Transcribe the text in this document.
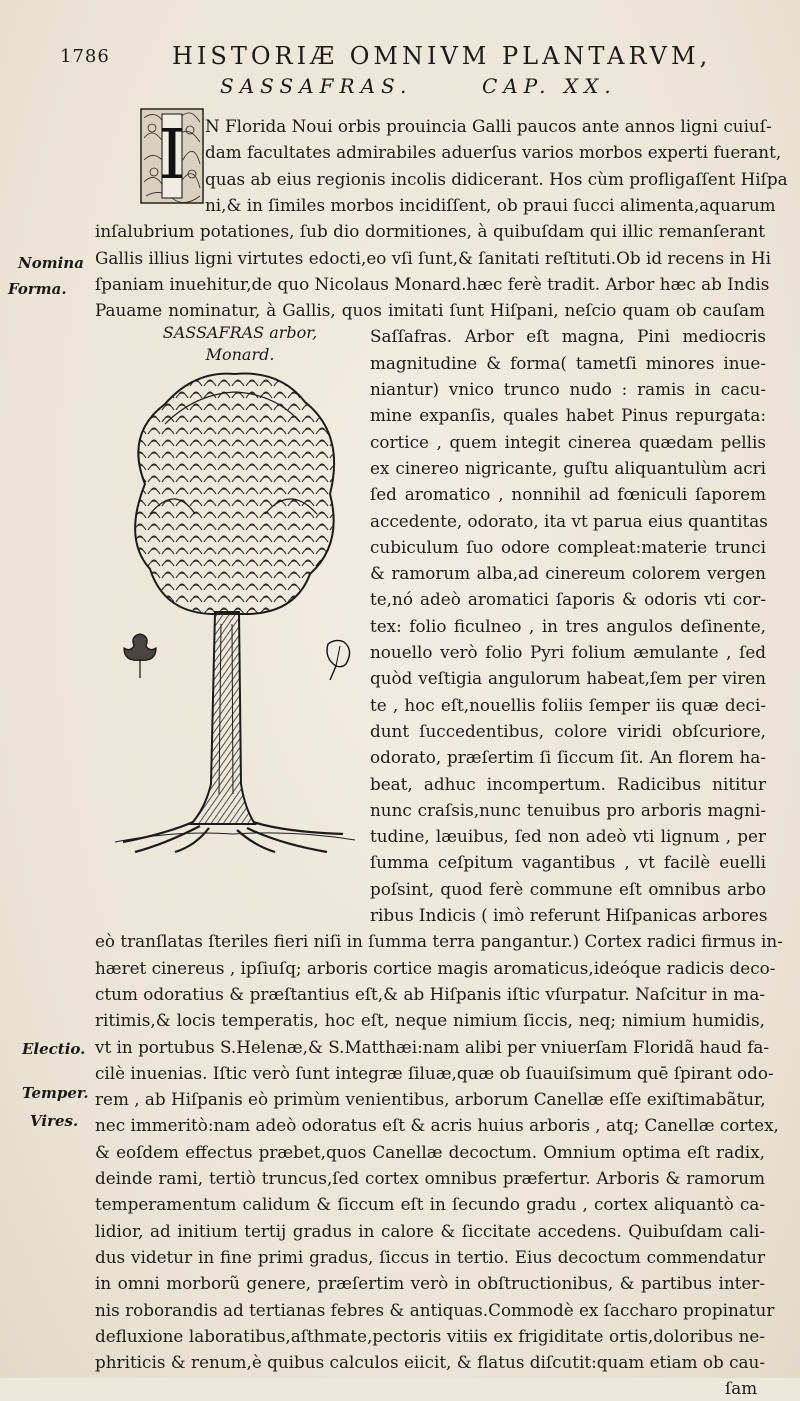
1786	HISTORIÆ OMNIVM PLANTARVM,
SASSAFRAS.	CAP. XX.
I
Nomina
Forma.
Electio.
Temper.
Vires.
SASSAFRAS arbor,
Monard.
N Florida Noui orbis prouincia Galli paucos ante annos ligni cuiuſ-
dam facultates admirabiles aduerſus varios morbos experti fuerant,
quas ab eius regionis incolis didicerant. Hos cùm profligaſſent Hiſpa
ni,& in ſimiles morbos incidiſſent, ob praui ſucci alimenta,aquarum
inſalubrium potationes, ſub dio dormitiones, à quibuſdam qui illic remanſerant
Gallis illius ligni virtutes edocti,eo vſi ſunt,& ſanitati reſtituti.Ob id recens in Hi
ſpaniam inuehitur,de quo Nicolaus Monard.hæc ferè tradit. Arbor hæc ab Indis
Pauame nominatur, à Gallis, quos imitati ſunt Hiſpani, neſcio quam ob cauſam
Saſſafras. Arbor eſt magna, Pini mediocris
magnitudine & forma( tametſi minores inue-
niantur) vnico trunco nudo : ramis in cacu-
mine expanſis, quales habet Pinus repurgata:
cortice , quem integit cinerea quædam pellis
ex cinereo nigricante, guſtu aliquantulùm acri
ſed aromatico , nonnihil ad fœniculi ſaporem
accedente, odorato, ita vt parua eius quantitas
cubiculum ſuo odore compleat:materie trunci
& ramorum alba,ad cinereum colorem vergen
te,nó adeò aromatici ſaporis & odoris vti cor-
tex: folio ficulneo , in tres angulos deſinente,
nouello verò folio Pyri folium æmulante , ſed
quòd veſtigia angulorum habeat,ſem per viren
te , hoc eſt,nouellis foliis ſemper iis quæ deci-
dunt ſuccedentibus, colore viridi obſcuriore,
odorato, præſertim ſi ſiccum ſit. An florem ha-
beat, adhuc incompertum. Radicibus nititur
nunc craſsis,nunc tenuibus pro arboris magni-
tudine, læuibus, ſed non adeò vti lignum , per
ſumma ceſpitum vagantibus , vt facilè euelli
poſsint, quod ferè commune eſt omnibus arbo
ribus Indicis ( imò referunt Hiſpanicas arbores
eò tranſlatas ſteriles fieri niſi in ſumma terra pangantur.) Cortex radici firmus in-
hæret cinereus , ipſiuſq; arboris cortice magis aromaticus,ideóque radicis deco-
ctum odoratius & præſtantius eſt,& ab Hiſpanis iſtic vſurpatur. Naſcitur in ma-
ritimis,& locis temperatis, hoc eſt, neque nimium ſiccis, neq; nimium humidis,
vt in portubus S.Helenæ,& S.Matthæi:nam alibi per vniuerſam Floridã haud fa-
cilè inuenias. Iſtic verò ſunt integræ ſiluæ,quæ ob ſuauiſsimum quē ſpirant odo-
rem , ab Hiſpanis eò primùm venientibus, arborum Canellæ eſſe exiſtimabãtur,
nec immeritò:nam adeò odoratus eſt & acris huius arboris , atq; Canellæ cortex,
& eoſdem effectus præbet,quos Canellæ decoctum. Omnium optima eſt radix,
deinde rami, tertiò truncus,ſed cortex omnibus præfertur. Arboris & ramorum
temperamentum calidum & ſiccum eſt in ſecundo gradu , cortex aliquantò ca-
lidior, ad initium tertij gradus in calore & ſiccitate accedens. Quibuſdam cali-
dus videtur in fine primi gradus, ſiccus in tertio. Eius decoctum commendatur
in omni morborũ genere, præſertim verò in obſtructionibus, & partibus inter-
nis roborandis ad tertianas febres & antiquas.Commodè ex ſaccharo propinatur
defluxione laboratibus,aſthmate,pectoris vitiis ex frigiditate ortis,doloribus ne-
phriticis & renum,è quibus calculos eiicit, & flatus diſcutit:quam etiam ob cau-
ſam
